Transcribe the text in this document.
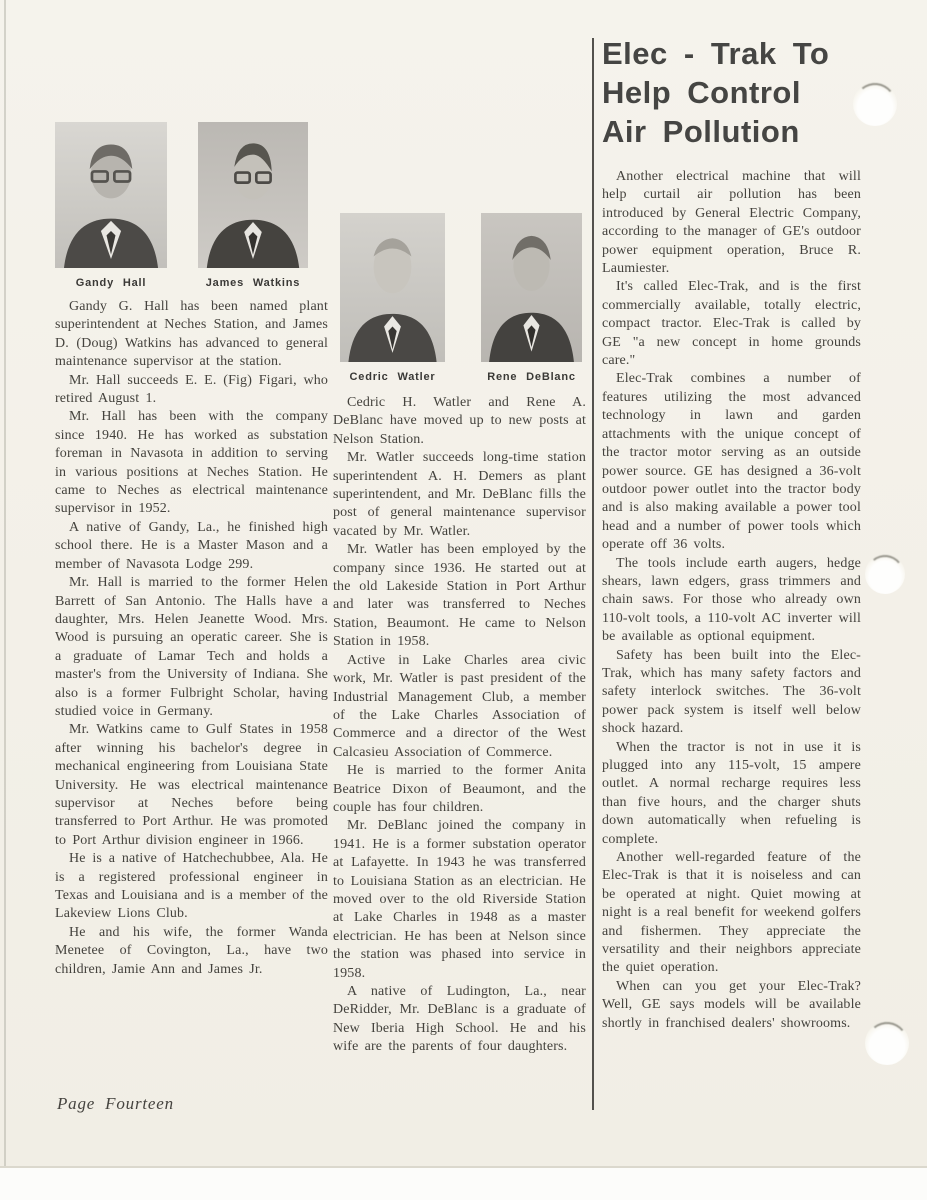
Gandy Hall	James Watkins
Cedric Watler	Rene DeBlanc

Gandy G. Hall has been named plant superintendent at Neches Station, and James D. (Doug) Watkins has advanced to general maintenance supervisor at the station.

Mr. Hall succeeds E. E. (Fig) Figari, who retired August 1.

Mr. Hall has been with the company since 1940. He has worked as substation foreman in Navasota in addition to serving in various positions at Neches Station. He came to Neches as electrical maintenance supervisor in 1952.

A native of Gandy, La., he finished high school there. He is a Master Mason and a member of Navasota Lodge 299.

Mr. Hall is married to the former Helen Barrett of San Antonio. The Halls have a daughter, Mrs. Helen Jeanette Wood. Mrs. Wood is pursuing an operatic career. She is a graduate of Lamar Tech and holds a master's from the University of Indiana. She also is a former Fulbright Scholar, having studied voice in Germany.

Mr. Watkins came to Gulf States in 1958 after winning his bachelor's degree in mechanical engineering from Louisiana State University. He was electrical maintenance supervisor at Neches before being transferred to Port Arthur. He was promoted to Port Arthur division engineer in 1966.

He is a native of Hatchechubbee, Ala. He is a registered professional engineer in Texas and Louisiana and is a member of the Lakeview Lions Club.

He and his wife, the former Wanda Menetee of Covington, La., have two children, Jamie Ann and James Jr.

Cedric H. Watler and Rene A. DeBlanc have moved up to new posts at Nelson Station.

Mr. Watler succeeds long-time station superintendent A. H. Demers as plant superintendent, and Mr. DeBlanc fills the post of general maintenance supervisor vacated by Mr. Watler.

Mr. Watler has been employed by the company since 1936. He started out at the old Lakeside Station in Port Arthur and later was transferred to Neches Station, Beaumont. He came to Nelson Station in 1958.

Active in Lake Charles area civic work, Mr. Watler is past president of the Industrial Management Club, a member of the Lake Charles Association of Commerce and a director of the West Calcasieu Association of Commerce.

He is married to the former Anita Beatrice Dixon of Beaumont, and the couple has four children.

Mr. DeBlanc joined the company in 1941. He is a former substation operator at Lafayette. In 1943 he was transferred to Louisiana Station as an electrician. He moved over to the old Riverside Station at Lake Charles in 1948 as a master electrician. He has been at Nelson since the station was phased into service in 1958.

A native of Ludington, La., near DeRidder, Mr. DeBlanc is a graduate of New Iberia High School. He and his wife are the parents of four daughters.

Elec - Trak To
Help Control
Air Pollution

Another electrical machine that will help curtail air pollution has been introduced by General Electric Company, according to the manager of GE's outdoor power equipment operation, Bruce R. Laumiester.

It's called Elec-Trak, and is the first commercially available, totally electric, compact tractor. Elec-Trak is called by GE "a new concept in home grounds care."

Elec-Trak combines a number of features utilizing the most advanced technology in lawn and garden attachments with the unique concept of the tractor motor serving as an outside power source. GE has designed a 36-volt outdoor power outlet into the tractor body and is also making available a power tool head and a number of power tools which operate off 36 volts.

The tools include earth augers, hedge shears, lawn edgers, grass trimmers and chain saws. For those who already own 110-volt tools, a 110-volt AC inverter will be available as optional equipment.

Safety has been built into the Elec-Trak, which has many safety factors and safety interlock switches. The 36-volt power pack system is itself well below shock hazard.

When the tractor is not in use it is plugged into any 115-volt, 15 ampere outlet. A normal recharge requires less than five hours, and the charger shuts down automatically when refueling is complete.

Another well-regarded feature of the Elec-Trak is that it is noiseless and can be operated at night. Quiet mowing at night is a real benefit for weekend golfers and fishermen. They appreciate the versatility and their neighbors appreciate the quiet operation.

When can you get your Elec-Trak? Well, GE says models will be available shortly in franchised dealers' showrooms.

Page Fourteen
